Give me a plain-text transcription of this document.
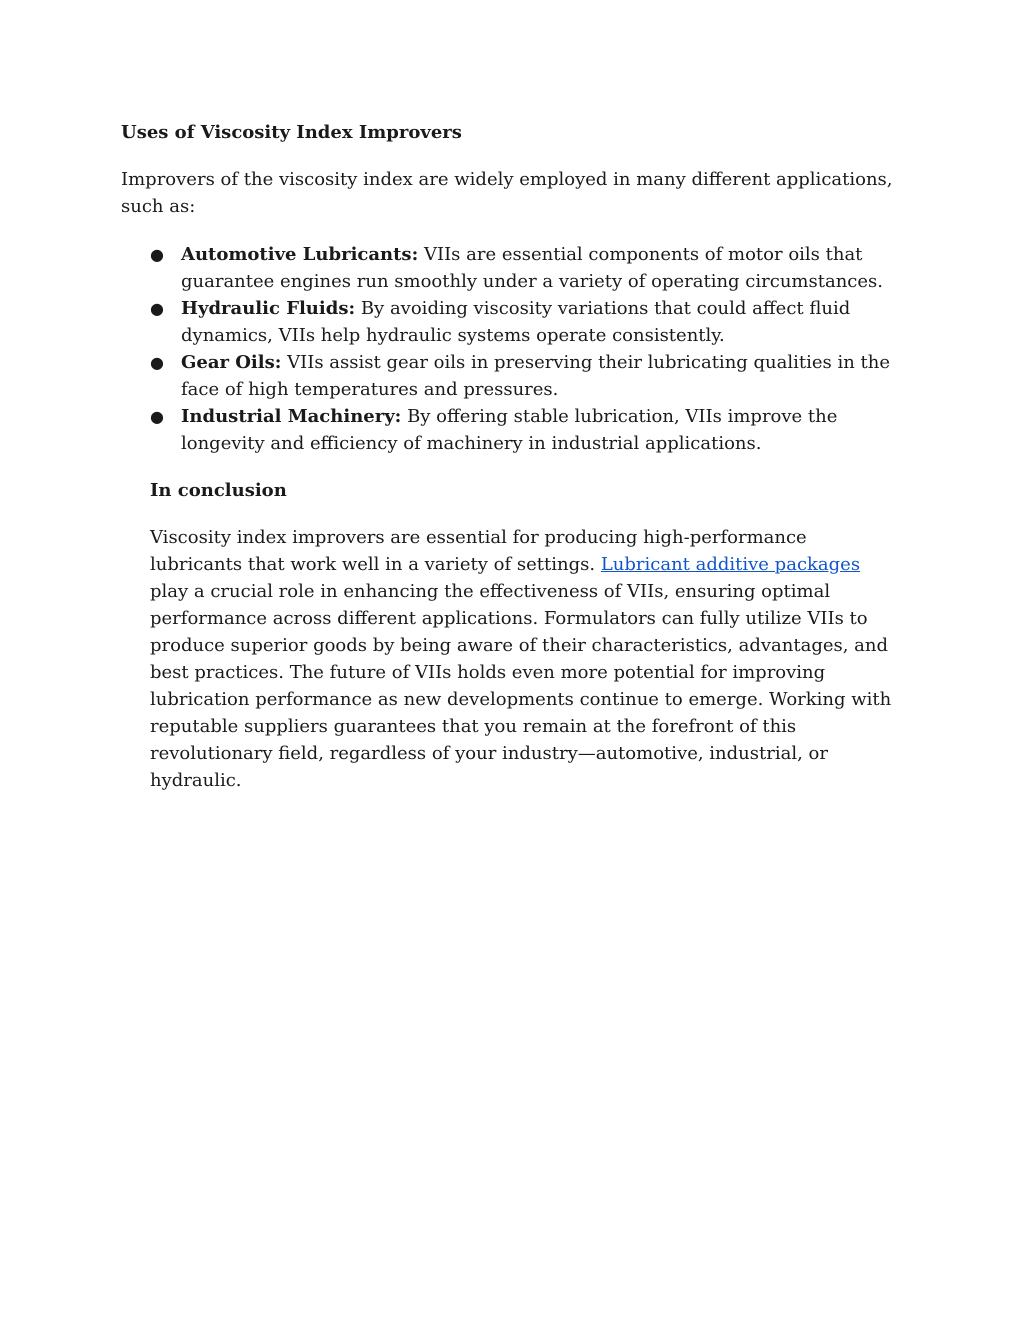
Uses of Viscosity Index Improvers

Improvers of the viscosity index are widely employed in many different applications, such as:

● Automotive Lubricants: VIIs are essential components of motor oils that guarantee engines run smoothly under a variety of operating circumstances.
● Hydraulic Fluids: By avoiding viscosity variations that could affect fluid dynamics, VIIs help hydraulic systems operate consistently.
● Gear Oils: VIIs assist gear oils in preserving their lubricating qualities in the face of high temperatures and pressures.
● Industrial Machinery: By offering stable lubrication, VIIs improve the longevity and efficiency of machinery in industrial applications.
In conclusion

Viscosity index improvers are essential for producing high-performance lubricants that work well in a variety of settings. Lubricant additive packages play a crucial role in enhancing the effectiveness of VIIs, ensuring optimal performance across different applications. Formulators can fully utilize VIIs to produce superior goods by being aware of their characteristics, advantages, and best practices. The future of VIIs holds even more potential for improving lubrication performance as new developments continue to emerge. Working with reputable suppliers guarantees that you remain at the forefront of this revolutionary field, regardless of your industry—automotive, industrial, or hydraulic.
